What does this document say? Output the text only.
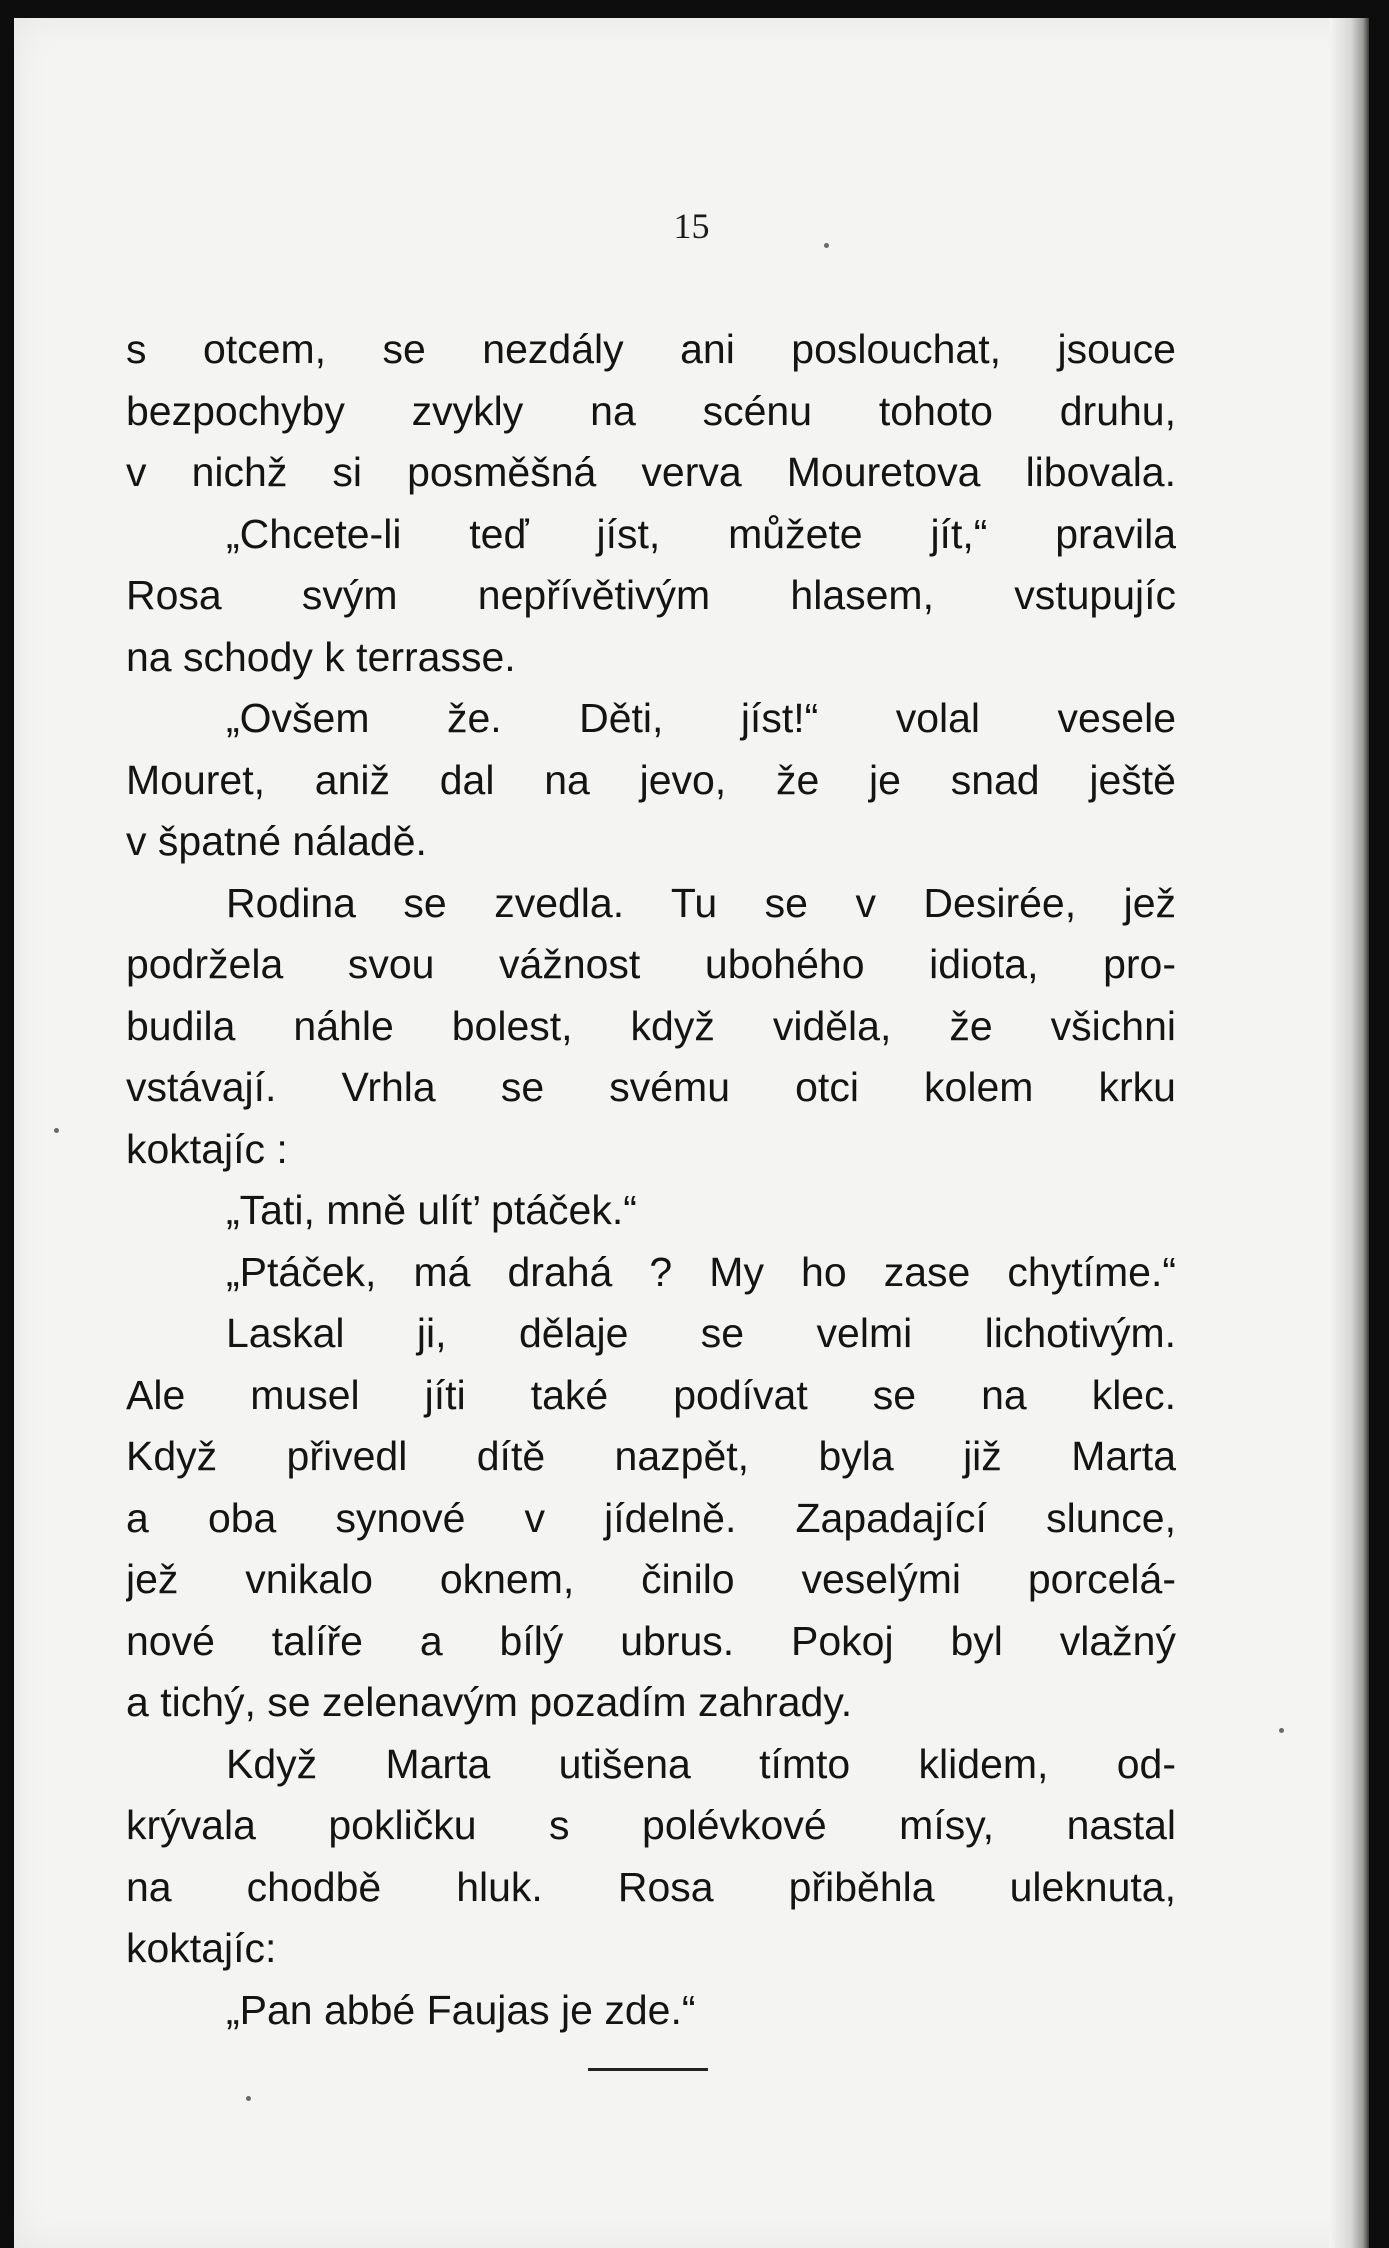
15
s otcem, se nezdály ani poslouchat, jsouce
bezpochyby zvykly na scénu tohoto druhu,
v nichž si posměšná verva Mouretova libovala.
„Chcete-li teď jíst, můžete jít,“ pravila
Rosa svým nepřívětivým hlasem, vstupujíc
na schody k terrasse.
„Ovšem že. Děti, jíst!“ volal vesele
Mouret, aniž dal na jevo, že je snad ještě
v špatné náladě.
Rodina se zvedla. Tu se v Desirée, jež
podržela svou vážnost ubohého idiota, pro-
budila náhle bolest, když viděla, že všichni
vstávají. Vrhla se svému otci kolem krku
koktajíc :
„Tati, mně ulít’ ptáček.“
„Ptáček, má drahá ? My ho zase chytíme.“
Laskal ji, dělaje se velmi lichotivým.
Ale musel jíti také podívat se na klec.
Když přivedl dítě nazpět, byla již Marta
a oba synové v jídelně. Zapadající slunce,
jež vnikalo oknem, činilo veselými porcelá-
nové talíře a bílý ubrus. Pokoj byl vlažný
a tichý, se zelenavým pozadím zahrady.
Když Marta utišena tímto klidem, od-
krývala pokličku s polévkové mísy, nastal
na chodbě hluk. Rosa přiběhla uleknuta,
koktajíc:
„Pan abbé Faujas je zde.“
